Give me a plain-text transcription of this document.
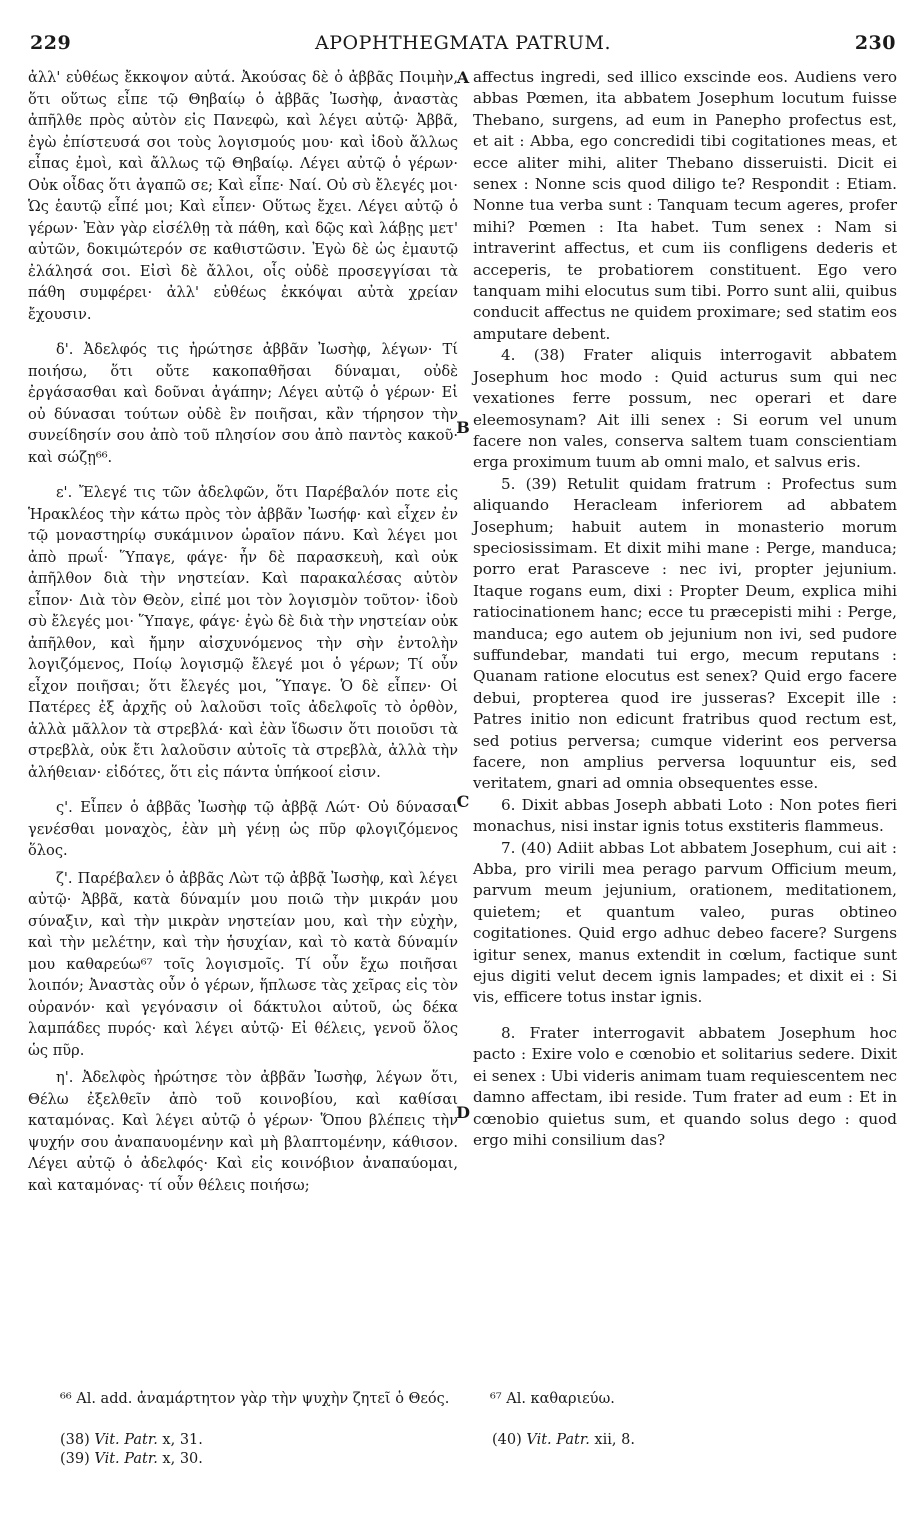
229	APOPHTHEGMATA PATRUM.	230

ἀλλ' εὐθέως ἔκκοψον αὐτά. Ἀκούσας δὲ ὁ ἀββᾶς Ποιμὴν, ὅτι οὕτως εἶπε τῷ Θηβαίῳ ὁ ἀββᾶς Ἰωσὴφ, ἀναστὰς ἀπῆλθε πρὸς αὐτὸν εἰς Πανεφὼ, καὶ λέγει αὐτῷ· Ἀββᾶ, ἐγὼ ἐπίστευσά σοι τοὺς λογισμούς μου· καὶ ἰδοὺ ἄλλως εἶπας ἐμοὶ, καὶ ἄλλως τῷ Θηβαίῳ. Λέγει αὐτῷ ὁ γέρων· Οὐκ οἶδας ὅτι ἀγαπῶ σε; Καὶ εἶπε· Ναί. Οὐ σὺ ἔλεγές μοι· Ὡς ἑαυτῷ εἶπέ μοι; Καὶ εἶπεν· Οὕτως ἔχει. Λέγει αὐτῷ ὁ γέρων· Ἐὰν γὰρ εἰσέλθῃ τὰ πάθη, καὶ δῷς καὶ λάβῃς μετ' αὐτῶν, δοκιμώτερόν σε καθιστῶσιν. Ἐγὼ δὲ ὡς ἐμαυτῷ ἐλάλησά σοι. Εἰσὶ δὲ ἄλλοι, οἷς οὐδὲ προσεγγίσαι τὰ πάθη συμφέρει· ἀλλ' εὐθέως ἐκκόψαι αὐτὰ χρείαν ἔχουσιν.

δ'. Ἀδελφός τις ἠρώτησε ἀββᾶν Ἰωσὴφ, λέγων· Τί ποιήσω, ὅτι οὔτε κακοπαθῆσαι δύναμαι, οὐδὲ ἐργάσασθαι καὶ δοῦναι ἀγάπην; Λέγει αὐτῷ ὁ γέρων· Εἰ οὐ δύνασαι τούτων οὐδὲ ἓν ποιῆσαι, κἂν τήρησον τὴν συνείδησίν σου ἀπὸ τοῦ πλησίον σου ἀπὸ παντὸς κακοῦ· καὶ σώζῃ⁶⁶.

ε'. Ἔλεγέ τις τῶν ἀδελφῶν, ὅτι Παρέβαλόν ποτε εἰς Ἡρακλέος τὴν κάτω πρὸς τὸν ἀββᾶν Ἰωσήφ· καὶ εἶχεν ἐν τῷ μοναστηρίῳ συκάμινον ὡραῖον πάνυ. Καὶ λέγει μοι ἀπὸ πρωΐ· Ὕπαγε, φάγε· ἦν δὲ παρασκευὴ, καὶ οὐκ ἀπῆλθον διὰ τὴν νηστείαν. Καὶ παρακαλέσας αὐτὸν εἶπον· Διὰ τὸν Θεὸν, εἰπέ μοι τὸν λογισμὸν τοῦτον· ἰδοὺ σὺ ἔλεγές μοι· Ὕπαγε, φάγε· ἐγὼ δὲ διὰ τὴν νηστείαν οὐκ ἀπῆλθον, καὶ ἤμην αἰσχυνόμενος τὴν σὴν ἐντολὴν λογιζόμενος, Ποίῳ λογισμῷ ἔλεγέ μοι ὁ γέρων; Τί οὖν εἶχον ποιῆσαι; ὅτι ἔλεγές μοι, Ὕπαγε. Ὁ δὲ εἶπεν· Οἱ Πατέρες ἐξ ἀρχῆς οὐ λαλοῦσι τοῖς ἀδελφοῖς τὸ ὀρθὸν, ἀλλὰ μᾶλλον τὰ στρεβλά· καὶ ἐὰν ἴδωσιν ὅτι ποιοῦσι τὰ στρεβλὰ, οὐκ ἔτι λαλοῦσιν αὐτοῖς τὰ στρεβλὰ, ἀλλὰ τὴν ἀλήθειαν· εἰδότες, ὅτι εἰς πάντα ὑπήκοοί εἰσιν.

ς'. Εἶπεν ὁ ἀββᾶς Ἰωσὴφ τῷ ἀββᾷ Λώτ· Οὐ δύνασαι γενέσθαι μοναχὸς, ἐὰν μὴ γένῃ ὡς πῦρ φλογιζόμενος ὅλος.

ζ'. Παρέβαλεν ὁ ἀββᾶς Λὼτ τῷ ἀββᾷ Ἰωσὴφ, καὶ λέγει αὐτῷ· Ἀββᾶ, κατὰ δύναμίν μου ποιῶ τὴν μικράν μου σύναξιν, καὶ τὴν μικρὰν νηστείαν μου, καὶ τὴν εὐχὴν, καὶ τὴν μελέτην, καὶ τὴν ἡσυχίαν, καὶ τὸ κατὰ δύναμίν μου καθαρεύω⁶⁷ τοῖς λογισμοῖς. Τί οὖν ἔχω ποιῆσαι λοιπόν; Ἀναστὰς οὖν ὁ γέρων, ἥπλωσε τὰς χεῖρας εἰς τὸν οὐρανόν· καὶ γεγόνασιν οἱ δάκτυλοι αὐτοῦ, ὡς δέκα λαμπάδες πυρός· καὶ λέγει αὐτῷ· Εἰ θέλεις, γενοῦ ὅλος ὡς πῦρ.

η'. Ἀδελφὸς ἠρώτησε τὸν ἀββᾶν Ἰωσὴφ, λέγων ὅτι, Θέλω ἐξελθεῖν ἀπὸ τοῦ κοινοβίου, καὶ καθίσαι καταμόνας. Καὶ λέγει αὐτῷ ὁ γέρων· Ὅπου βλέπεις τὴν ψυχήν σου ἀναπαυομένην καὶ μὴ βλαπτομένην, κάθισον. Λέγει αὐτῷ ὁ ἀδελφός· Καὶ εἰς κοινόβιον ἀναπαύομαι, καὶ καταμόνας· τί οὖν θέλεις ποιήσω;

A
B
C
D

affectus ingredi, sed illico exscinde eos. Audiens vero abbas Pœmen, ita abbatem Josephum locutum fuisse Thebano, surgens, ad eum in Panepho profectus est, et ait : Abba, ego concredidi tibi cogitationes meas, et ecce aliter mihi, aliter Thebano disseruisti. Dicit ei senex : Nonne scis quod diligo te? Respondit : Etiam. Nonne tua verba sunt : Tanquam tecum ageres, profer mihi? Pœmen : Ita habet. Tum senex : Nam si intraverint affectus, et cum iis confligens dederis et acceperis, te probatiorem constituent. Ego vero tanquam mihi elocutus sum tibi. Porro sunt alii, quibus conducit affectus ne quidem proximare; sed statim eos amputare debent.

4. (38) Frater aliquis interrogavit abbatem Josephum hoc modo : Quid acturus sum qui nec vexationes ferre possum, nec operari et dare eleemosynam? Ait illi senex : Si eorum vel unum facere non vales, conserva saltem tuam conscientiam erga proximum tuum ab omni malo, et salvus eris.

5. (39) Retulit quidam fratrum : Profectus sum aliquando Heracleam inferiorem ad abbatem Josephum; habuit autem in monasterio morum speciosissimam. Et dixit mihi mane : Perge, manduca; porro erat Parasceve : nec ivi, propter jejunium. Itaque rogans eum, dixi : Propter Deum, explica mihi ratiocinationem hanc; ecce tu præcepisti mihi : Perge, manduca; ego autem ob jejunium non ivi, sed pudore suffundebar, mandati tui ergo, mecum reputans : Quanam ratione elocutus est senex? Quid ergo facere debui, propterea quod ire jusseras? Excepit ille : Patres initio non edicunt fratribus quod rectum est, sed potius perversa; cumque viderint eos perversa facere, non amplius perversa loquuntur eis, sed veritatem, gnari ad omnia obsequentes esse.

6. Dixit abbas Joseph abbati Loto : Non potes fieri monachus, nisi instar ignis totus exstiteris flammeus.

7. (40) Adiit abbas Lot abbatem Josephum, cui ait : Abba, pro virili mea perago parvum Officium meum, parvum meum jejunium, orationem, meditationem, quietem; et quantum valeo, puras obtineo cogitationes. Quid ergo adhuc debeo facere? Surgens igitur senex, manus extendit in cœlum, factique sunt ejus digiti velut decem ignis lampades; et dixit ei : Si vis, efficere totus instar ignis.

8. Frater interrogavit abbatem Josephum hoc pacto : Exire volo e cœnobio et solitarius sedere. Dixit ei senex : Ubi videris animam tuam requiescentem nec damno affectam, ibi reside. Tum frater ad eum : Et in cœnobio quietus sum, et quando solus dego : quod ergo mihi consilium das?

⁶⁶ Al. add. ἀναμάρτητον γὰρ τὴν ψυχὴν ζητεῖ ὁ Θεός.	⁶⁷ Al. καθαριεύω.
(38) Vit. Patr. x, 31.
(39) Vit. Patr. x, 30.
(40) Vit. Patr. xii, 8.
